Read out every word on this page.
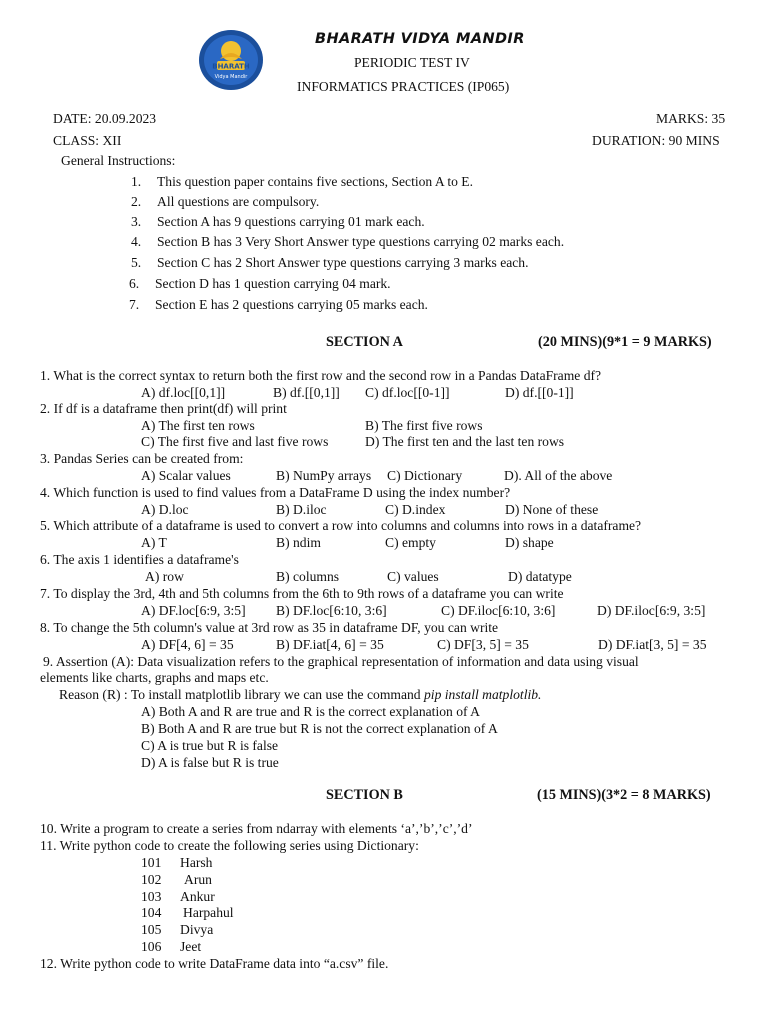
BHARATH
Vidya Mandir
BHARATH VIDYA MANDIR
PERIODIC TEST IV
INFORMATICS PRACTICES (IP065)
DATE: 20.09.2023	MARKS: 35
CLASS: XII	DURATION: 90 MINS
General Instructions:
1. This question paper contains five sections, Section A to E.
2. All questions are compulsory.
3. Section A has 9 questions carrying 01 mark each.
4. Section B has 3 Very Short Answer type questions carrying 02 marks each.
5. Section C has 2 Short Answer type questions carrying 3 marks each.
6. Section D has 1 question carrying 04 mark.
7. Section E has 2 questions carrying 05 marks each.
SECTION A	(20 MINS)(9*1 = 9 MARKS)
1. What is the correct syntax to return both the first row and the second row in a Pandas DataFrame df?
A) df.loc[[0,1]]	B) df.[[0,1]] C) df.loc[[0-1]]	D) df.[[0-1]]
2. If df is a dataframe then print(df) will print
A) The first ten rows	B) The first five rows
C) The first five and last five rows	D) The first ten and the last ten rows
3. Pandas Series can be created from:
A) Scalar values	B) NumPy arrays C) Dictionary	D). All of the above
4. Which function is used to find values from a DataFrame D using the index number?
A) D.loc	B) D.iloc	C) D.index	D) None of these
5. Which attribute of a dataframe is used to convert a row into columns and columns into rows in a dataframe?
A) T	B) ndim	C) empty	D) shape
6. The axis 1 identifies a dataframe's
A) row	B) columns	C) values	D) datatype
7. To display the 3rd, 4th and 5th columns from the 6th to 9th rows of a dataframe you can write
A) DF.loc[6:9, 3:5] B) DF.loc[6:10, 3:6]	C) DF.iloc[6:10, 3:6]	D) DF.iloc[6:9, 3:5]
8. To change the 5th column's value at 3rd row as 35 in dataframe DF, you can write
A) DF[4, 6] = 35	B) DF.iat[4, 6] = 35	C) DF[3, 5] = 35	D) DF.iat[3, 5] = 35
9. Assertion (A): Data visualization refers to the graphical representation of information and data using visual
elements like charts, graphs and maps etc.
Reason (R) : To install matplotlib library we can use the command pip install matplotlib.
A) Both A and R are true and R is the correct explanation of A
B) Both A and R are true but R is not the correct explanation of A
C) A is true but R is false
D) A is false but R is true
SECTION B	(15 MINS)(3*2 = 8 MARKS)
10. Write a program to create a series from ndarray with elements ‘a’,’b’,’c’,’d’
11. Write python code to create the following series using Dictionary:
101 Harsh
102 Arun
103 Ankur
104 Harpahul
105 Divya
106 Jeet
12. Write python code to write DataFrame data into “a.csv” file.
